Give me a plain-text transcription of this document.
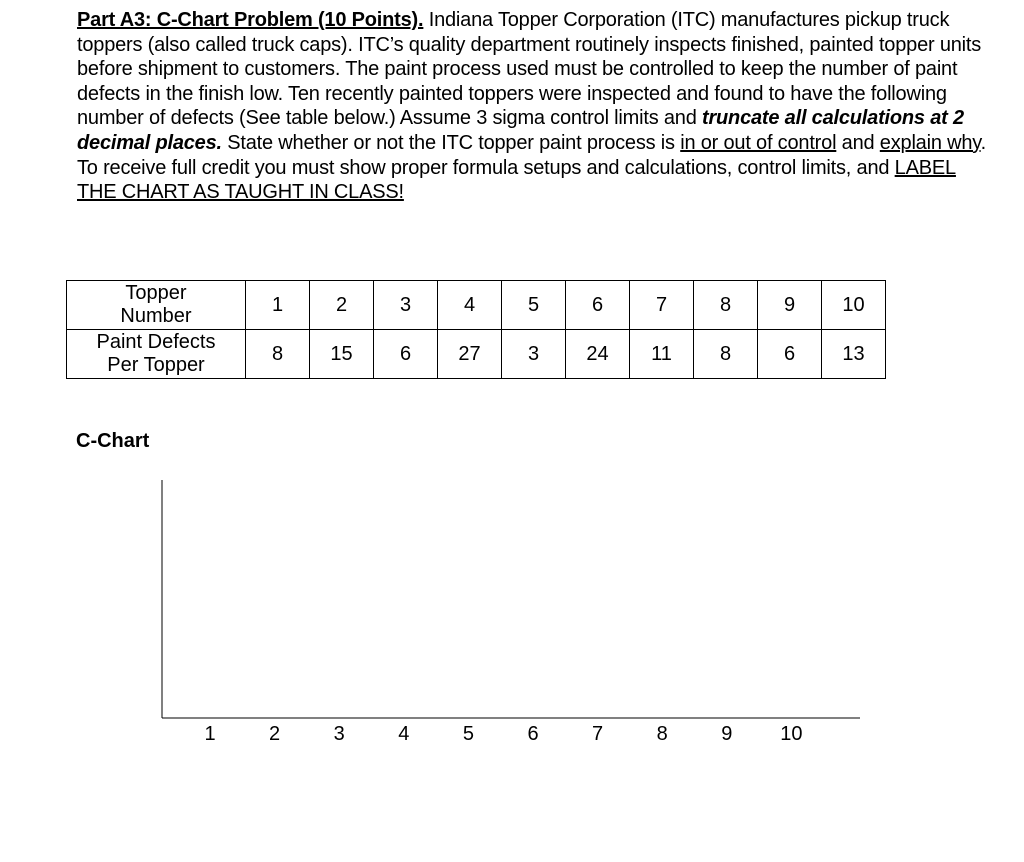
Part A3: C-Chart Problem (10 Points). Indiana Topper Corporation (ITC) manufactures pickup truck toppers (also called truck caps). ITC’s quality department routinely inspects finished, painted topper units before shipment to customers. The paint process used must be controlled to keep the number of paint defects in the finish low. Ten recently painted toppers were inspected and found to have the following number of defects (See table below.) Assume 3 sigma control limits and truncate all calculations at 2 decimal places. State whether or not the ITC topper paint process is in or out of control and explain why. To receive full credit you must show proper formula setups and calculations, control limits, and LABEL THE CHART AS TAUGHT IN CLASS!
Topper
Number	1	2	3	4	5	6	7	8	9	10

Paint Defects
Per Topper	8	15	6	27	3	24	11	8	6	13
C-Chart
1	2	3	4	5	6	7	8	9 10
